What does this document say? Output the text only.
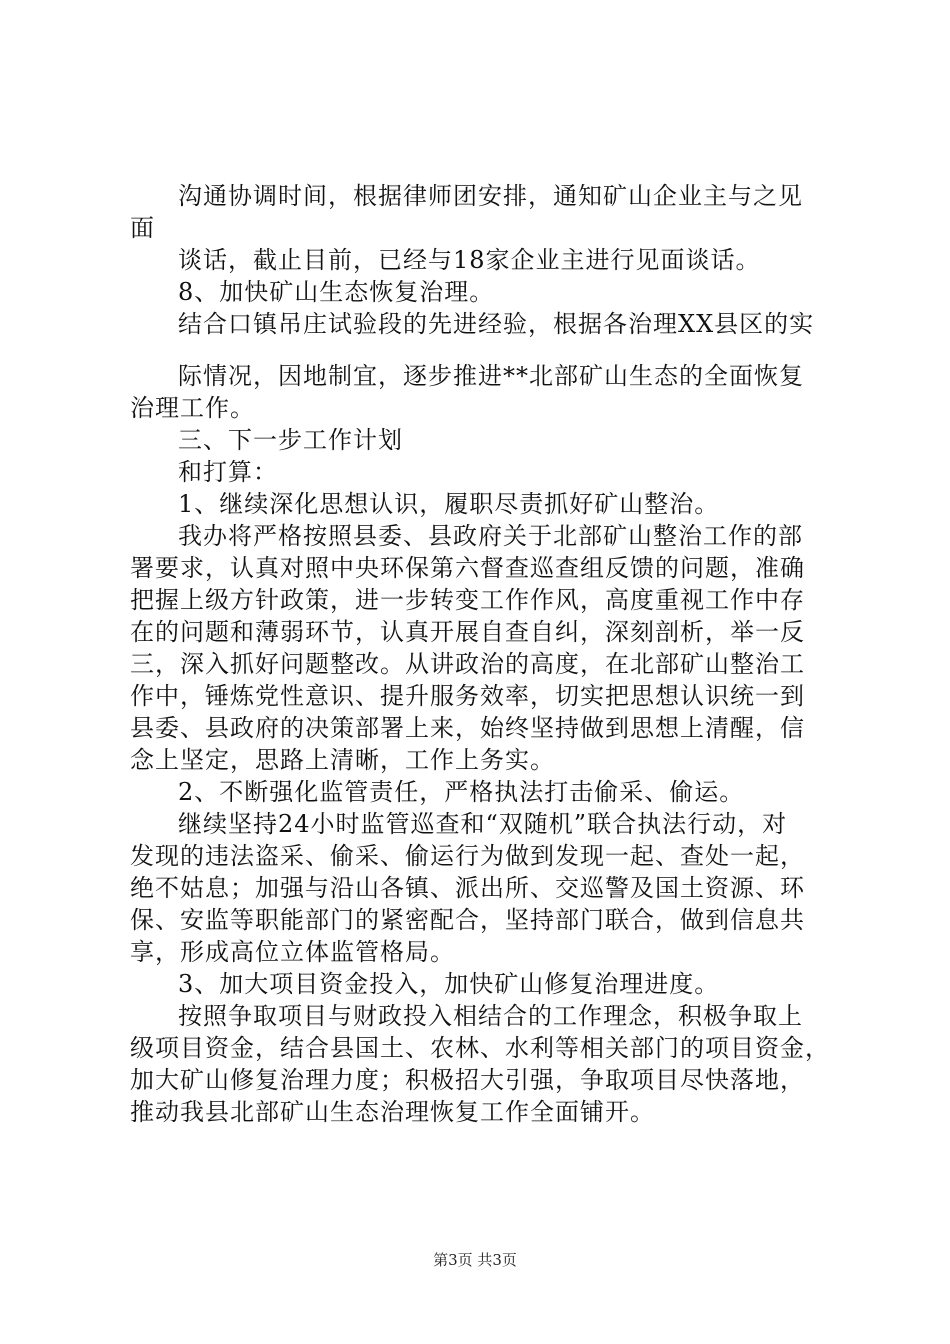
沟通协调时间，根据律师团安排，通知矿山企业主与之见
面
谈话，截止目前，已经与18家企业主进行见面谈话。
8、加快矿山生态恢复治理。
结合口镇吊庄试验段的先进经验，根据各治理XX县区的实
际情况，因地制宜，逐步推进**北部矿山生态的全面恢复
治理工作。
三、下一步工作计划
和打算：
1、继续深化思想认识，履职尽责抓好矿山整治。
我办将严格按照县委、县政府关于北部矿山整治工作的部
署要求，认真对照中央环保第六督查巡查组反馈的问题，准确
把握上级方针政策，进一步转变工作作风，高度重视工作中存
在的问题和薄弱环节，认真开展自查自纠，深刻剖析，举一反
三，深入抓好问题整改。从讲政治的高度，在北部矿山整治工
作中，锤炼党性意识、提升服务效率，切实把思想认识统一到
县委、县政府的决策部署上来，始终坚持做到思想上清醒，信
念上坚定，思路上清晰，工作上务实。
2、不断强化监管责任，严格执法打击偷采、偷运。
继续坚持24小时监管巡查和“双随机”联合执法行动，对
发现的违法盗采、偷采、偷运行为做到发现一起、查处一起，
绝不姑息；加强与沿山各镇、派出所、交巡警及国土资源、环
保、安监等职能部门的紧密配合，坚持部门联合，做到信息共
享，形成高位立体监管格局。
3、加大项目资金投入，加快矿山修复治理进度。
按照争取项目与财政投入相结合的工作理念，积极争取上
级项目资金，结合县国土、农林、水利等相关部门的项目资金，
加大矿山修复治理力度；积极招大引强，争取项目尽快落地，
推动我县北部矿山生态治理恢复工作全面铺开。
第3页 共3页
